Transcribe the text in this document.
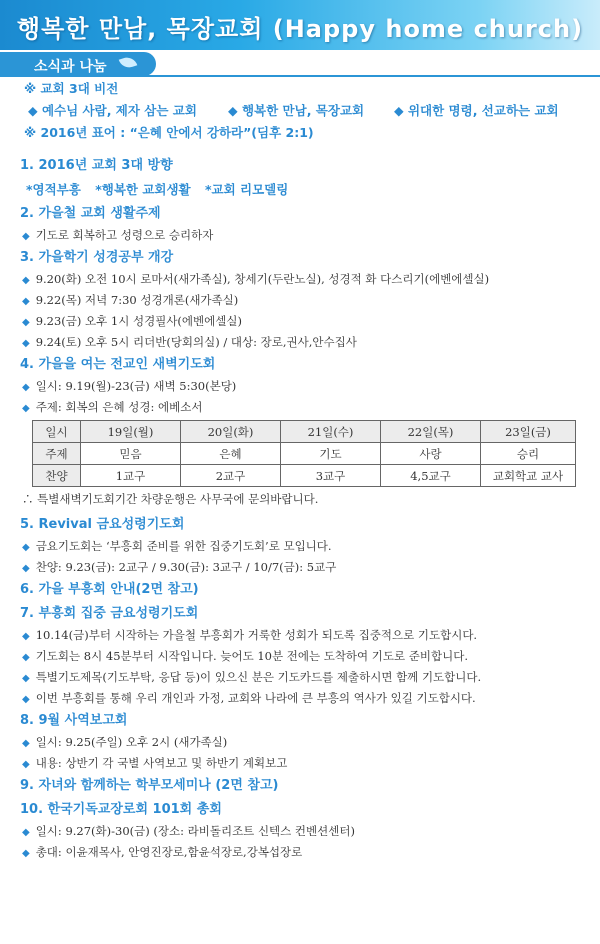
행복한 만남, 목장교회 (Happy home church)
소식과 나눔
※ 교회 3대 비전
◆ 예수님 사람, 제자 삼는 교회 ◆ 행복한 만남, 목장교회 ◆ 위대한 명령, 선교하는 교회
※ 2016년 표어 : “은혜 안에서 강하라”(딤후 2:1)
1. 2016년 교회 3대 방향
*영적부흥 *행복한 교회생활 *교회 리모델링
2. 가을철 교회 생활주제
◆ 기도로 회복하고 성령으로 승리하자
3. 가을학기 성경공부 개강
◆ 9.20(화) 오전 10시 로마서(새가족실), 창세기(두란노실), 성경적 화 다스리기(에벤에셀실)
◆ 9.22(목) 저녁 7:30 성경개론(새가족실)
◆ 9.23(금) 오후 1시 성경필사(에벤에셀실)
◆ 9.24(토) 오후 5시 리더반(당회의실) / 대상: 장로,권사,안수집사
4. 가을을 여는 전교인 새벽기도회
◆ 일시: 9.19(월)-23(금) 새벽 5:30(본당)
◆ 주제: 회복의 은혜 성경: 에베소서
일시	19일(월)	20일(화)	21일(수)	22일(목)	23일(금)
주제	믿음	은혜	기도	사랑	승리
찬양	1교구	2교구	3교구	4,5교구	교회학교 교사
∴ 특별새벽기도회기간 차량운행은 사무국에 문의바랍니다.
5. Revival 금요성령기도회
◆ 금요기도회는 ‘부흥회 준비를 위한 집중기도회’로 모입니다.
◆ 찬양: 9.23(금): 2교구 / 9.30(금): 3교구 / 10/7(금): 5교구
6. 가을 부흥회 안내(2면 참고)
7. 부흥회 집중 금요성령기도회
◆ 10.14(금)부터 시작하는 가을철 부흥회가 거룩한 성회가 되도록 집중적으로 기도합시다.
◆ 기도회는 8시 45분부터 시작입니다. 늦어도 10분 전에는 도착하여 기도로 준비합니다.
◆ 특별기도제목(기도부탁, 응답 등)이 있으신 분은 기도카드를 제출하시면 함께 기도합니다.
◆ 이번 부흥회를 통해 우리 개인과 가정, 교회와 나라에 큰 부흥의 역사가 있길 기도합시다.
8. 9월 사역보고회
◆ 일시: 9.25(주일) 오후 2시 (새가족실)
◆ 내용: 상반기 각 국별 사역보고 및 하반기 계획보고
9. 자녀와 함께하는 학부모세미나 (2면 참고)
10. 한국기독교장로회 101회 총회
◆ 일시: 9.27(화)-30(금) (장소: 라비돌리조트 신텍스 컨벤션센터)
◆ 총대: 이윤재목사, 안영진장로,함윤석장로,강복섭장로
